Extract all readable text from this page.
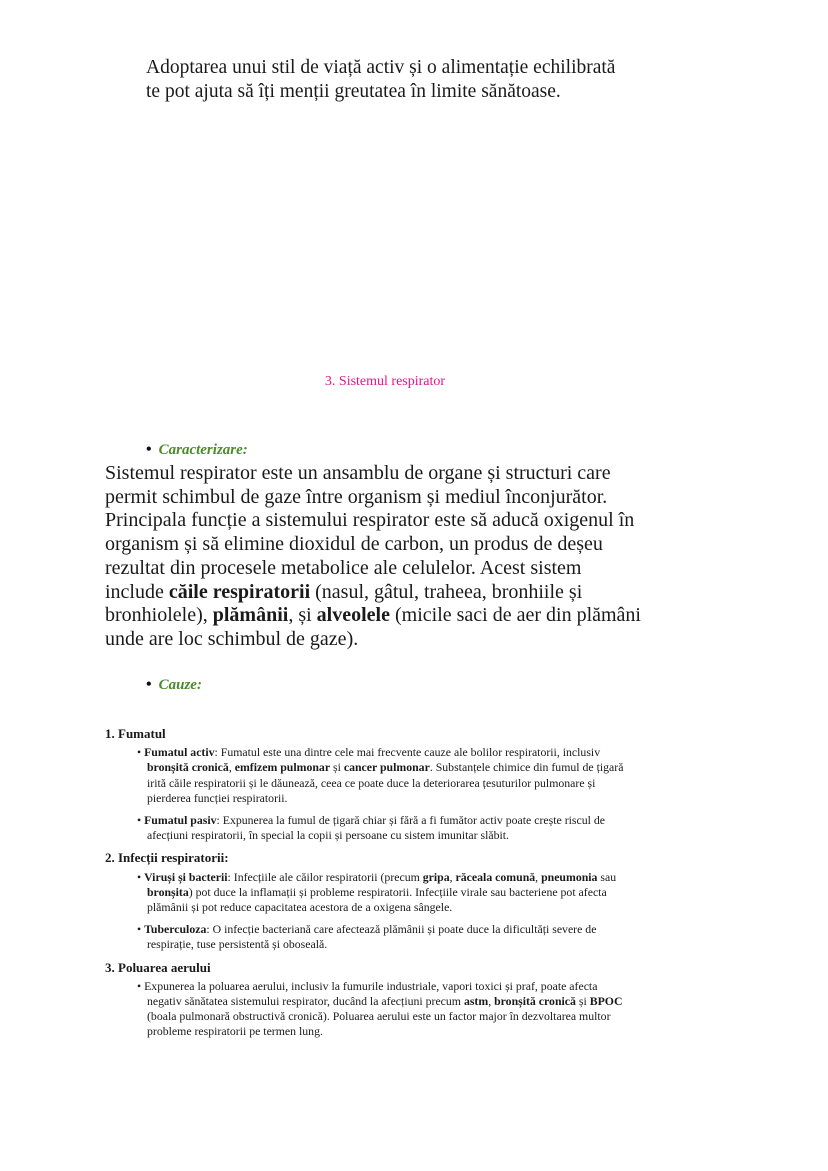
Adoptarea unui stil de viață activ și o alimentație echilibrată te pot ajuta să îți menții greutatea în limite sănătoase.
3. Sistemul respirator
• Caracterizare:
Sistemul respirator este un ansamblu de organe și structuri care permit schimbul de gaze între organism și mediul înconjurător. Principala funcție a sistemului respirator este să aducă oxigenul în organism și să elimine dioxidul de carbon, un produs de deșeu rezultat din procesele metabolice ale celulelor. Acest sistem include căile respiratorii (nasul, gâtul, traheea, bronhiile și bronhiolele), plămânii, și alveolele (micile saci de aer din plămâni unde are loc schimbul de gaze).
• Cauze:
1. Fumatul
• Fumatul activ: Fumatul este una dintre cele mai frecvente cauze ale bolilor respiratorii, inclusiv bronșită cronică, emfizem pulmonar și cancer pulmonar. Substanțele chimice din fumul de țigară irită căile respiratorii și le dăunează, ceea ce poate duce la deteriorarea țesuturilor pulmonare și pierderea funcției respiratorii.
• Fumatul pasiv: Expunerea la fumul de țigară chiar și fără a fi fumător activ poate crește riscul de afecțiuni respiratorii, în special la copii și persoane cu sistem imunitar slăbit.
2. Infecții respiratorii:
• Viruși și bacterii: Infecțiile ale căilor respiratorii (precum gripa, răceala comună, pneumonia sau bronșita) pot duce la inflamații și probleme respiratorii. Infecțiile virale sau bacteriene pot afecta plămânii și pot reduce capacitatea acestora de a oxigena sângele.
• Tuberculoza: O infecție bacteriană care afectează plămânii și poate duce la dificultăți severe de respirație, tuse persistentă și oboseală.
3. Poluarea aerului
• Expunerea la poluarea aerului, inclusiv la fumurile industriale, vapori toxici și praf, poate afecta negativ sănătatea sistemului respirator, ducând la afecțiuni precum astm, bronșită cronică și BPOC (boala pulmonară obstructivă cronică). Poluarea aerului este un factor major în dezvoltarea multor probleme respiratorii pe termen lung.
